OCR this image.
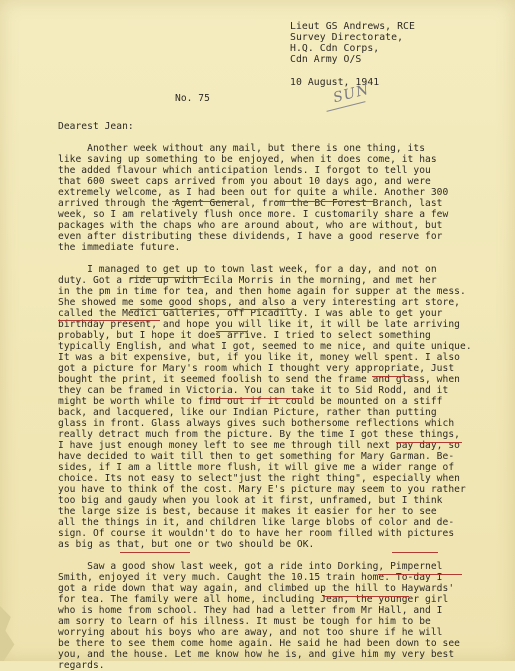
Lieut GS Andrews, RCE
Survey Directorate,
H.Q. Cdn Corps,
Cdn Army O/S
10 August, 1941
SUN
No. 75
Dearest Jean:
Another week without any mail, but there is one thing, its
like saving up something to be enjoyed, when it does come, it has
the added flavour which anticipation lends. I forgot to tell you
that 600 sweet caps arrived from you about 10 days ago, and were
extremely welcome, as I had been out for quite a while. Another 300
arrived through the Agent General, from the BC Forest Branch, last
week, so I am relatively flush once more. I customarily share a few
packages with the chaps who are around about, who are without, but
even after distributing these dividends, I have a good reserve for
the immediate future.
I managed to get up to town last week, for a day, and not on
duty. Got a ride up with Ecila Morris in the morning, and met her
in the pm in time for tea, and then home again for supper at the mess.
She showed me some good shops, and also a very interesting art store,
called the Medici Galleries, off Picadilly. I was able to get your
birthday present, and hope you will like it, it will be late arriving
probably, but I hope it does arrive. I tried to select something
typically English, and what I got, seemed to me nice, and quite unique.
It was a bit expensive, but, if you like it, money well spent. I also
got a picture for Mary's room which I thought very appropriate, Just
bought the print, it seemed foolish to send the frame and glass, when
they can be framed in Victoria. You can take it to Sid Rodd, and it
might be worth while to find out if it could be mounted on a stiff
back, and lacquered, like our Indian Picture, rather than putting
glass in front. Glass always gives such bothersome reflections which
really detract much from the picture. By the time I got these things,
I have just enough money left to see me through till next pay day, so
have decided to wait till then to get something for Mary Garman. Be-
sides, if I am a little more flush, it will give me a wider range of
choice. Its not easy to select"just the right thing", especially when
you have to think of the cost. Mary E's picture may seem to you rather
too big and gaudy when you look at it first, unframed, but I think
the large size is best, because it makes it easier for her to see
all the things in it, and children like large blobs of color and de-
sign. Of course it wouldn't do to have her room filled with pictures
as big as that, but one or two should be OK.
Saw a good show last week, got a ride into Dorking, Pimpernel
Smith, enjoyed it very much. Caught the 10.15 train home. To-day I
got a ride down that way again, and climbed up the hill to Haywards'
for tea. The family were all home, including Jean, the younger girl
who is home from school. They had had a letter from Mr Hall, and I
am sorry to learn of his illness. It must be tough for him to be
worrying about his boys who are away, and not too shure if he will
be there to see them come home again. He said he had been down to see
you, and the house. Let me know how he is, and give him my very best
regards.
